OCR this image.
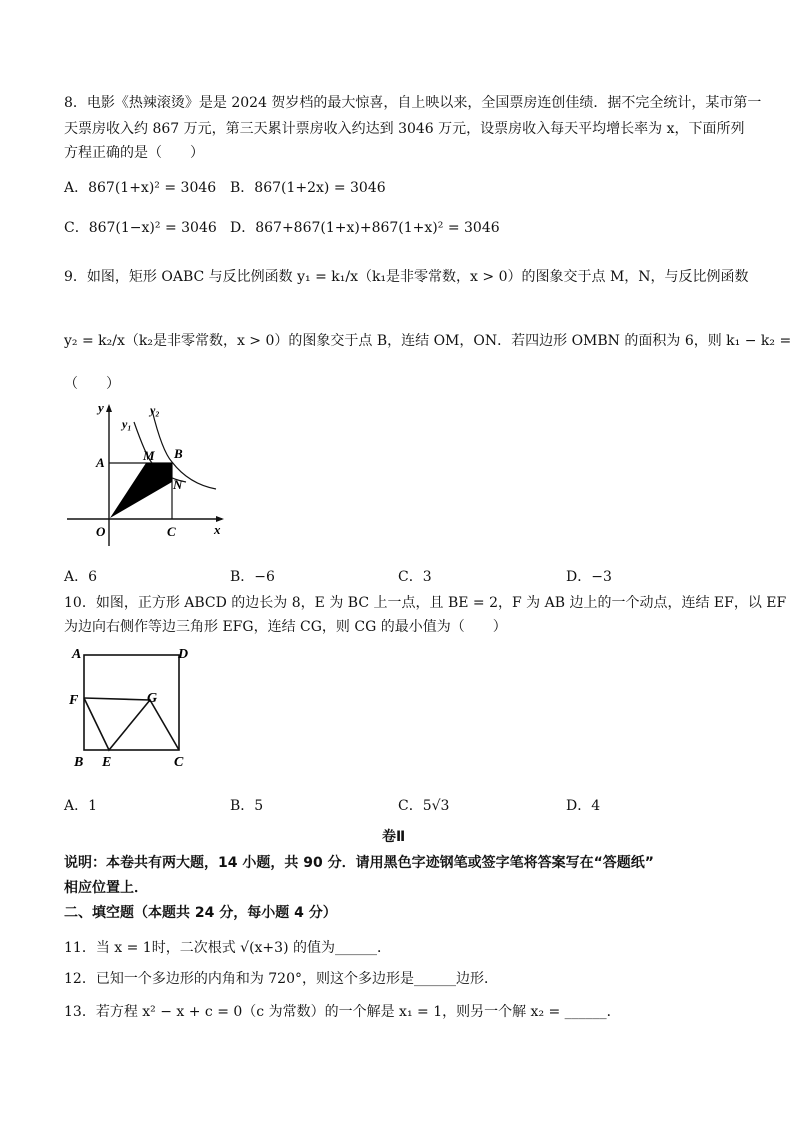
8．电影《热辣滚烫》是是 2024 贺岁档的最大惊喜，自上映以来，全国票房连创佳绩．据不完全统计，某市第一
天票房收入约 867 万元，第三天累计票房收入约达到 3046 万元，设票房收入每天平均增长率为 x，下面所列
方程正确的是（　　）
A．867(1+x)² = 3046 B．867(1+2x) = 3046
C．867(1−x)² = 3046 D．867+867(1+x)+867(1+x)² = 3046
9．如图，矩形 OABC 与反比例函数 y₁ = k₁/x（k₁是非零常数，x > 0）的图象交于点 M，N，与反比例函数
y₂ = k₂/x（k₂是非零常数，x > 0）的图象交于点 B，连结 OM，ON．若四边形 OMBN 的面积为 6，则 k₁ − k₂ =
（　　）
y
y₁
y₂
A	M B
N
O	C	x
A．6	B．−6	C．3	D．−3
10．如图，正方形 ABCD 的边长为 8，E 为 BC 上一点，且 BE = 2，F 为 AB 边上的一个动点，连结 EF，以 EF
为边向右侧作等边三角形 EFG，连结 CG，则 CG 的最小值为（　　）
A	D
F	G
B E	C
A．1	B．5	C．5√3	D．4
卷Ⅱ
说明：本卷共有两大题，14 小题，共 90 分．请用黑色字迹钢笔或签字笔将答案写在“答题纸”
相应位置上．
二、填空题（本题共 24 分，每小题 4 分）
11．当 x = 1时，二次根式 √(x+3) 的值为______．
12．已知一个多边形的内角和为 720°，则这个多边形是______边形．
13．若方程 x² − x + c = 0（c 为常数）的一个解是 x₁ = 1，则另一个解 x₂ = ______．
